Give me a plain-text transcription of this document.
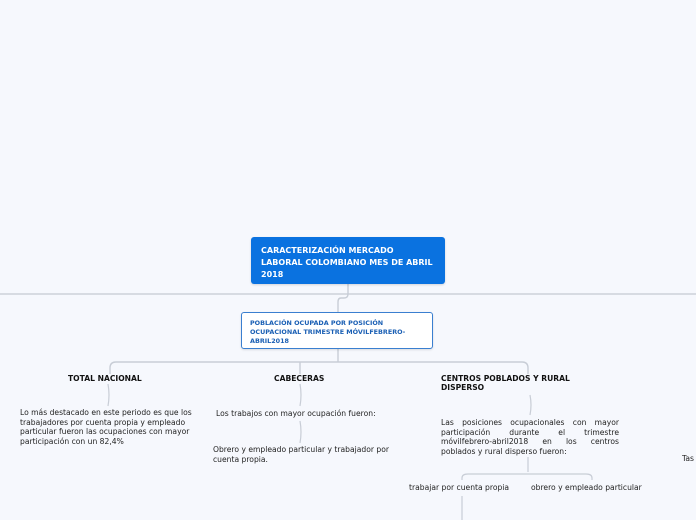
CARACTERIZACIÓN MERCADO LABORAL COLOMBIANO MES DE ABRIL 2018
POBLACIÓN OCUPADA POR POSICIÓN OCUPACIONAL TRIMESTRE MÓVILFEBRERO-ABRIL2018
TOTAL NACIONAL
Lo más destacado en este periodo es que los trabajadores por cuenta propia y empleado particular fueron las ocupaciones con mayor participación con un 82,4%
CABECERAS
Los trabajos con mayor ocupación fueron:
Obrero y empleado particular y trabajador por cuenta propia.
CENTROS POBLADOS Y RURAL DISPERSO
Las posiciones ocupacionales con mayor participación durante el trimestre móvilfebrero-abril2018 en los centros poblados y rural disperso fueron:
trabajar por cuenta propia	obrero y empleado particular
Tas
